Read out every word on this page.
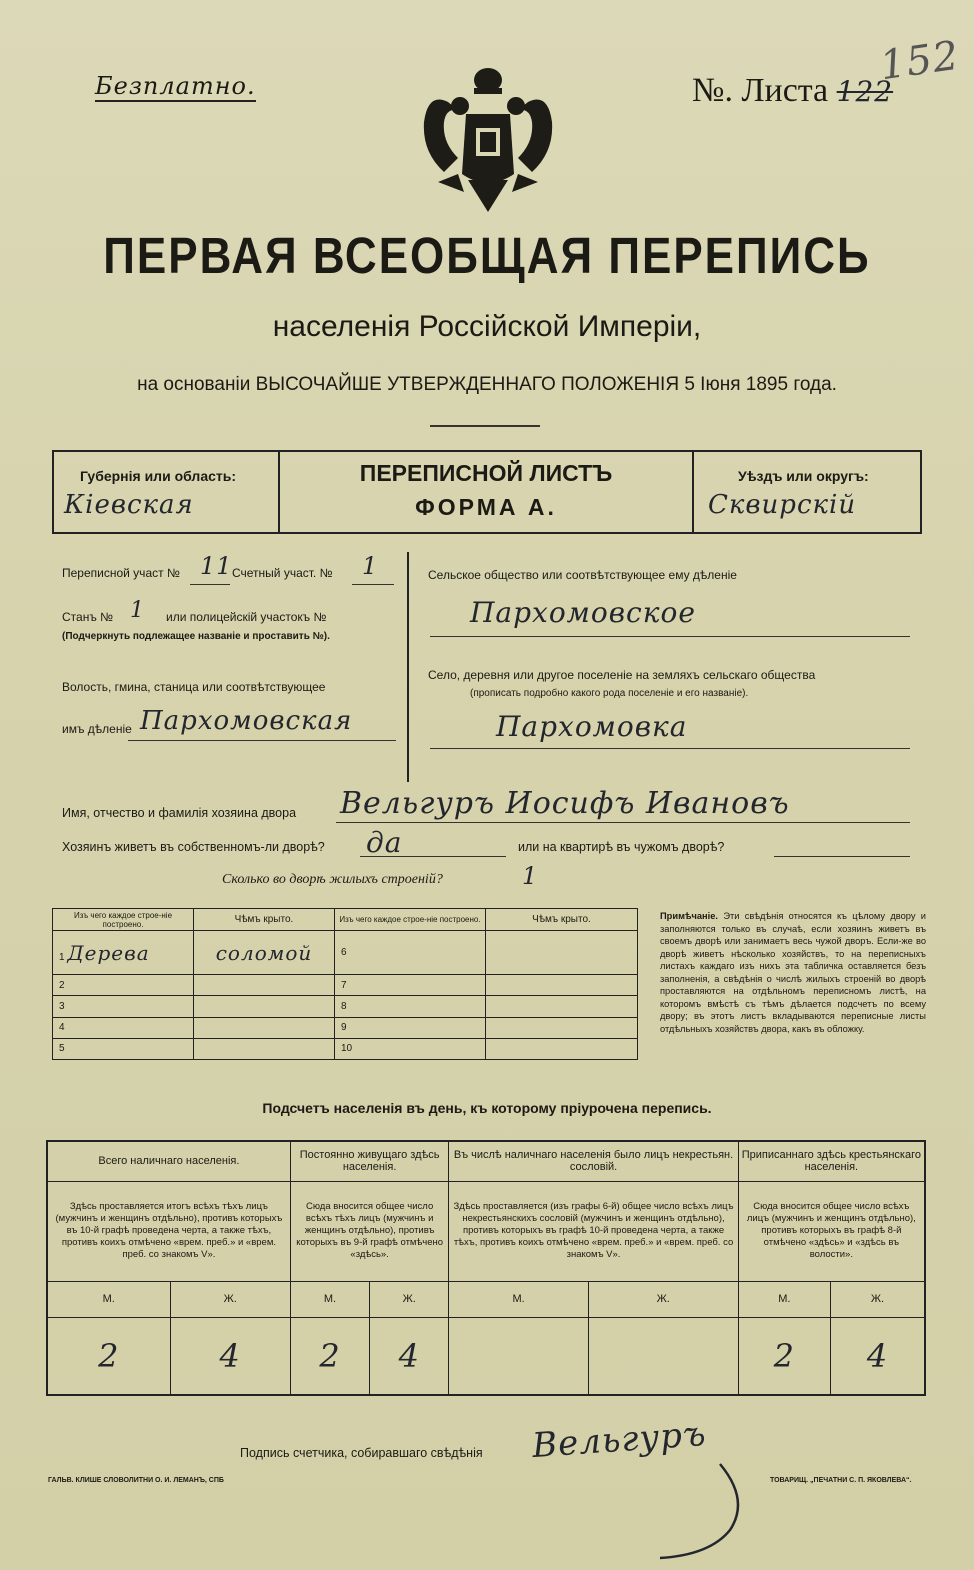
Безплатно.	№. Листа 122
152
ПЕРВАЯ ВСЕОБЩАЯ ПЕРЕПИСЬ
населенія Россійской Имперіи,
на основаніи ВЫСОЧАЙШЕ УТВЕРЖДЕННАГО ПОЛОЖЕНІЯ 5 Іюня 1895 года.
Губернія или область:
Кіевская
ПЕРЕПИСНОЙ ЛИСТЪ
ФОРМА А.
Уѣздъ или округъ:
Сквирскій
Переписной участ № 11 Счетный участ. № 1
Станъ № 1 или полицейскій участокъ №
(Подчеркнуть подлежащее названіе и проставить №).
Волость, гмина, станица или соотвѣтствующее
имъ дѣленіе Пархомовская
Сельское общество или соотвѣтствующее ему дѣленіе
Пархомовское
Село, деревня или другое поселеніе на земляхъ сельскаго общества
(прописать подробно какого рода поселеніе и его названіе).
Пархомовка
Имя, отчество и фамилія хозяина двора Вельгуръ Иосифъ Ивановъ
Хозяинъ живетъ въ собственномъ-ли дворѣ? да	или на квартирѣ въ чужомъ дворѣ?
Сколько во дворѣ жилыхъ строеній?	1
Изъ чего каждое строе-ніе построено.	Чѣмъ крыто.	Изъ чего каждое строе-ніе построено.	Чѣмъ крыто.
1 Дерева	соломой	6	
2		7	
3		8	
4		9	
5		10	
Примѣчаніе. Эти свѣдѣнія относятся къ цѣлому двору и заполняются только въ случаѣ, если хозяинъ живетъ въ своемъ дворѣ или занимаетъ весь чужой дворъ. Если-же во дворѣ живетъ нѣсколько хозяйствъ, то на переписныхъ листахъ каждаго изъ нихъ эта табличка оставляется безъ заполненія, а свѣдѣнія о числѣ жилыхъ строеній во дворѣ проставляются на отдѣльномъ переписномъ листѣ, на которомъ вмѣстѣ съ тѣмъ дѣлается подсчетъ по всему двору; въ этотъ листъ вкладываются переписные листы отдѣльныхъ хозяйствъ двора, какъ въ обложку.
Подсчетъ населенія въ день, къ которому пріурочена перепись.
Всего наличнаго населенія.		Постоянно живущаго здѣсь населенія.		Въ числѣ наличнаго населенія было лицъ некрестьян. сословій.		Приписаннаго здѣсь крестьянскаго населенія.	
Здѣсь проставляется итогъ всѣхъ тѣхъ лицъ (мужчинъ и женщинъ отдѣльно), противъ которыхъ въ 10-й графѣ проведена черта, а также тѣхъ, противъ коихъ отмѣчено «врем. преб.» и «врем. преб. со знакомъ V».		Сюда вносится общее число всѣхъ тѣхъ лицъ (мужчинъ и женщинъ отдѣльно), противъ которыхъ въ 9-й графѣ отмѣчено «здѣсь».		Здѣсь проставляется (изъ графы 6-й) общее число всѣхъ лицъ некрестьянскихъ сословій (мужчинъ и женщинъ отдѣльно), противъ которыхъ въ графѣ 10-й проведена черта, а также тѣхъ, противъ коихъ отмѣчено «врем. преб.» и «врем. преб. со знакомъ V».		Сюда вносится общее число всѣхъ лицъ (мужчинъ и женщинъ отдѣльно), противъ которыхъ въ графѣ 8-й отмѣчено «здѣсь» и «здѣсь въ волости».	
М.	Ж.	М.	Ж.	М.	Ж.	М.	Ж.
2	4	2	4			2	4
Подпись счетчика, собиравшаго свѣдѣнія Вельгуръ
ГАЛЬВ. КЛИШЕ СЛОВОЛИТНИ О. И. ЛЕМАНЪ, СПБ	ТОВАРИЩ. „ПЕЧАТНИ С. П. ЯКОВЛЕВА“.
